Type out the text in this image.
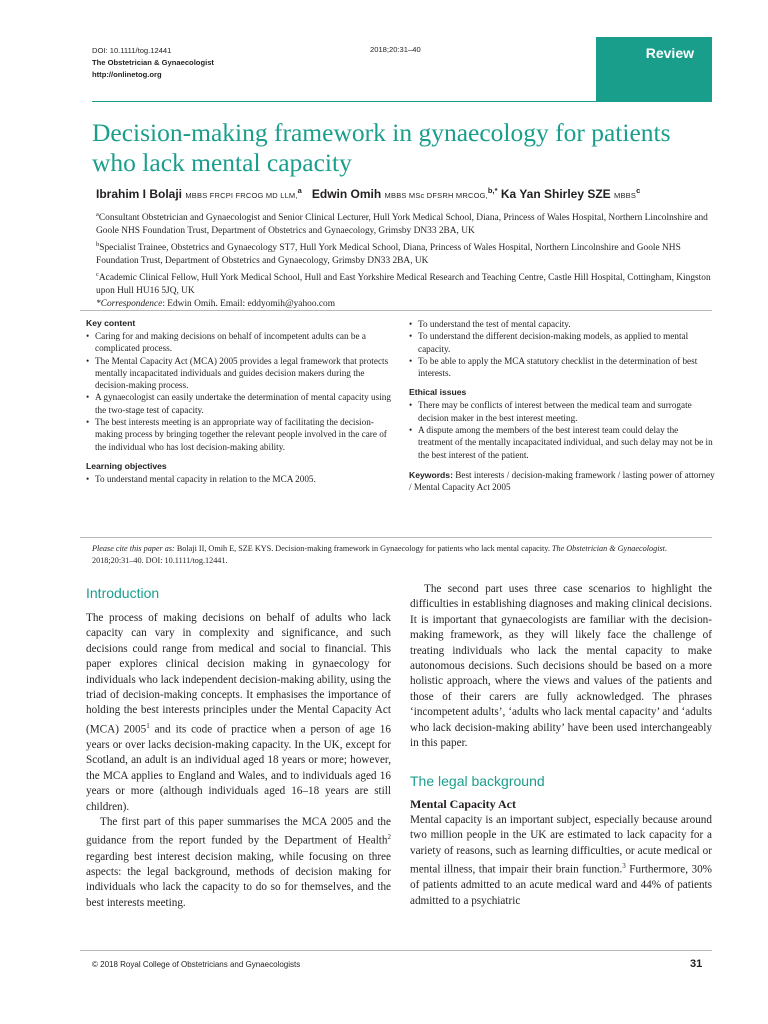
DOI: 10.1111/tog.12441
The Obstetrician & Gynaecologist
http://onlinetog.org
2018;20:31–40	Review
Decision-making framework in gynaecology for patients who lack mental capacity
Ibrahim I Bolaji MBBS FRCPI FRCOG MD LLM,$^a$ Edwin Omih MBBS MSc DFSRH MRCOG,$^{b,*}$ Ka Yan Shirley SZE MBBS$^c$

$^a$Consultant Obstetrician and Gynaecologist and Senior Clinical Lecturer, Hull York Medical School, Diana, Princess of Wales Hospital, Northern Lincolnshire and Goole NHS Foundation Trust, Department of Obstetrics and Gynaecology, Grimsby DN33 2BA, UK

$^b$Specialist Trainee, Obstetrics and Gynaecology ST7, Hull York Medical School, Diana, Princess of Wales Hospital, Northern Lincolnshire and Goole NHS Foundation Trust, Department of Obstetrics and Gynaecology, Grimsby DN33 2BA, UK

$^c$Academic Clinical Fellow, Hull York Medical School, Hull and East Yorkshire Medical Research and Teaching Centre, Castle Hill Hospital, Cottingham, Kingston upon Hull HU16 5JQ, UK

*Correspondence: Edwin Omih. Email: eddyomih@yahoo.com

Key content
• Caring for and making decisions on behalf of incompetent adults can be a complicated process.
• The Mental Capacity Act (MCA) 2005 provides a legal framework that protects mentally incapacitated individuals and guides decision makers during the decision-making process.
• A gynaecologist can easily undertake the determination of mental capacity using the two-stage test of capacity.
• The best interests meeting is an appropriate way of facilitating the decision-making process by bringing together the relevant people involved in the care of the individual who has lost decision-making ability.
Learning objectives
• To understand mental capacity in relation to the MCA 2005.
• To understand the test of mental capacity.
• To understand the different decision-making models, as applied to mental capacity.
• To be able to apply the MCA statutory checklist in the determination of best interests.
Ethical issues
• There may be conflicts of interest between the medical team and surrogate decision maker in the best interest meeting.
• A dispute among the members of the best interest team could delay the treatment of the mentally incapacitated individual, and such delay may not be in the best interest of the patient.
Keywords: Best interests / decision-making framework / lasting power of attorney / Mental Capacity Act 2005
Please cite this paper as: Bolaji II, Omih E, SZE KYS. Decision-making framework in Gynaecology for patients who lack mental capacity. The Obstetrician & Gynaecologist. 2018;20:31–40. DOI: 10.1111/tog.12441.
Introduction

The process of making decisions on behalf of adults who lack capacity can vary in complexity and significance, and such decisions could range from medical and social to financial. This paper explores clinical decision making in gynaecology for individuals who lack independent decision-making ability, using the triad of decision-making concepts. It emphasises the importance of holding the best interests principles under the Mental Capacity Act (MCA) 2005$^1$ and its code of practice when a person of age 16 years or over lacks decision-making capacity. In the UK, except for Scotland, an adult is an individual aged 18 years or more; however, the MCA applies to England and Wales, and to individuals aged 16 years or more (although individuals aged 16–18 years are still children).

The first part of this paper summarises the MCA 2005 and the guidance from the report funded by the Department of Health$^2$ regarding best interest decision making, while focusing on three aspects: the legal background, methods of decision making for individuals who lack the capacity to do so for themselves, and the best interests meeting.

The second part uses three case scenarios to highlight the difficulties in establishing diagnoses and making clinical decisions. It is important that gynaecologists are familiar with the decision-making framework, as they will likely face the challenge of treating individuals who lack the mental capacity to make autonomous decisions. Such decisions should be based on a more holistic approach, where the views and values of the patients and those of their carers are fully acknowledged. The phrases ‘incompetent adults’, ‘adults who lack mental capacity’ and ‘adults who lack decision-making ability’ have been used interchangeably in this paper.

The legal background
Mental Capacity Act

Mental capacity is an important subject, especially because around two million people in the UK are estimated to lack capacity for a variety of reasons, such as learning difficulties, or acute medical or mental illness, that impair their brain function.$^3$ Furthermore, 30% of patients admitted to an acute medical ward and 44% of patients admitted to a psychiatric

© 2018 Royal College of Obstetricians and Gynaecologists	31
